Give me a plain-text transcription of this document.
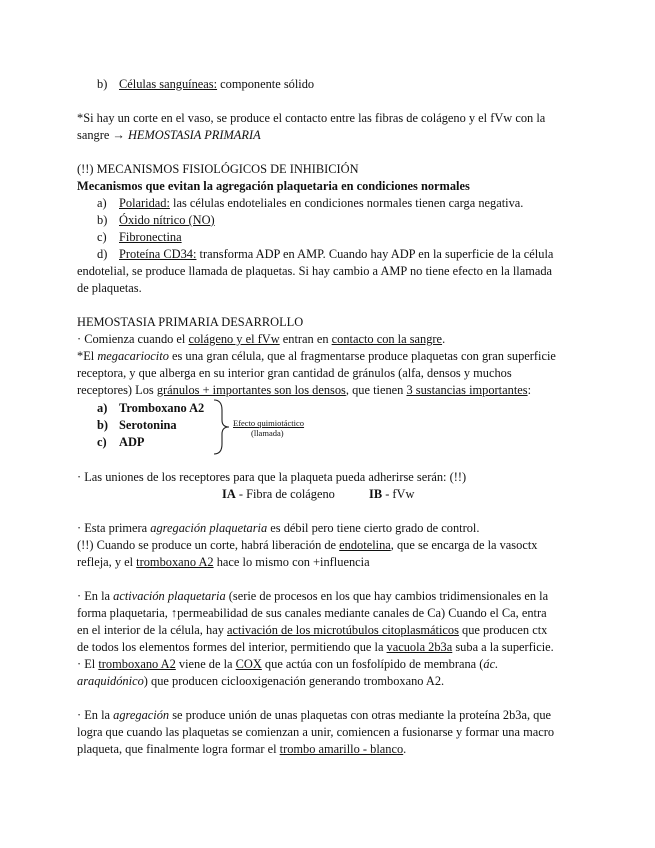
b) Células sanguíneas: componente sólido
*Si hay un corte en el vaso, se produce el contacto entre las fibras de colágeno y el fVw con la
sangre → HEMOSTASIA PRIMARIA
(!!) MECANISMOS FISIOLÓGICOS DE INHIBICIÓN
Mecanismos que evitan la agregación plaquetaria en condiciones normales
a) Polaridad: las células endoteliales en condiciones normales tienen carga negativa.
b) Óxido nítrico (NO)
c) Fibronectina
d) Proteína CD34: transforma ADP en AMP. Cuando hay ADP en la superficie de la célula
endotelial, se produce llamada de plaquetas. Si hay cambio a AMP no tiene efecto en la llamada
de plaquetas.
HEMOSTASIA PRIMARIA DESARROLLO
· Comienza cuando el colágeno y el fVw entran en contacto con la sangre.
*El megacariocito es una gran célula, que al fragmentarse produce plaquetas con gran superficie
receptora, y que alberga en su interior gran cantidad de gránulos (alfa, densos y muchos
receptores) Los gránulos + importantes son los densos, que tienen 3 sustancias importantes:
a) Tromboxano A2
b) Serotonina
c) ADP
Efecto quimiotáctico
(llamada)
· Las uniones de los receptores para que la plaqueta pueda adherirse serán: (!!)
IA - Fibra de colágeno	IB - fVw
· Esta primera agregación plaquetaria es débil pero tiene cierto grado de control.
(!!) Cuando se produce un corte, habrá liberación de endotelina, que se encarga de la vasoctx
refleja, y el tromboxano A2 hace lo mismo con +influencia
· En la activación plaquetaria (serie de procesos en los que hay cambios tridimensionales en la
forma plaquetaria, ↑permeabilidad de sus canales mediante canales de Ca) Cuando el Ca, entra
en el interior de la célula, hay activación de los microtúbulos citoplasmáticos que producen ctx
de todos los elementos formes del interior, permitiendo que la vacuola 2b3a suba a la superficie.
· El tromboxano A2 viene de la COX que actúa con un fosfolípido de membrana (ác.
araquidónico) que producen ciclooxigenación generando tromboxano A2.
· En la agregación se produce unión de unas plaquetas con otras mediante la proteína 2b3a, que
logra que cuando las plaquetas se comienzan a unir, comiencen a fusionarse y formar una macro
plaqueta, que finalmente logra formar el trombo amarillo - blanco.
